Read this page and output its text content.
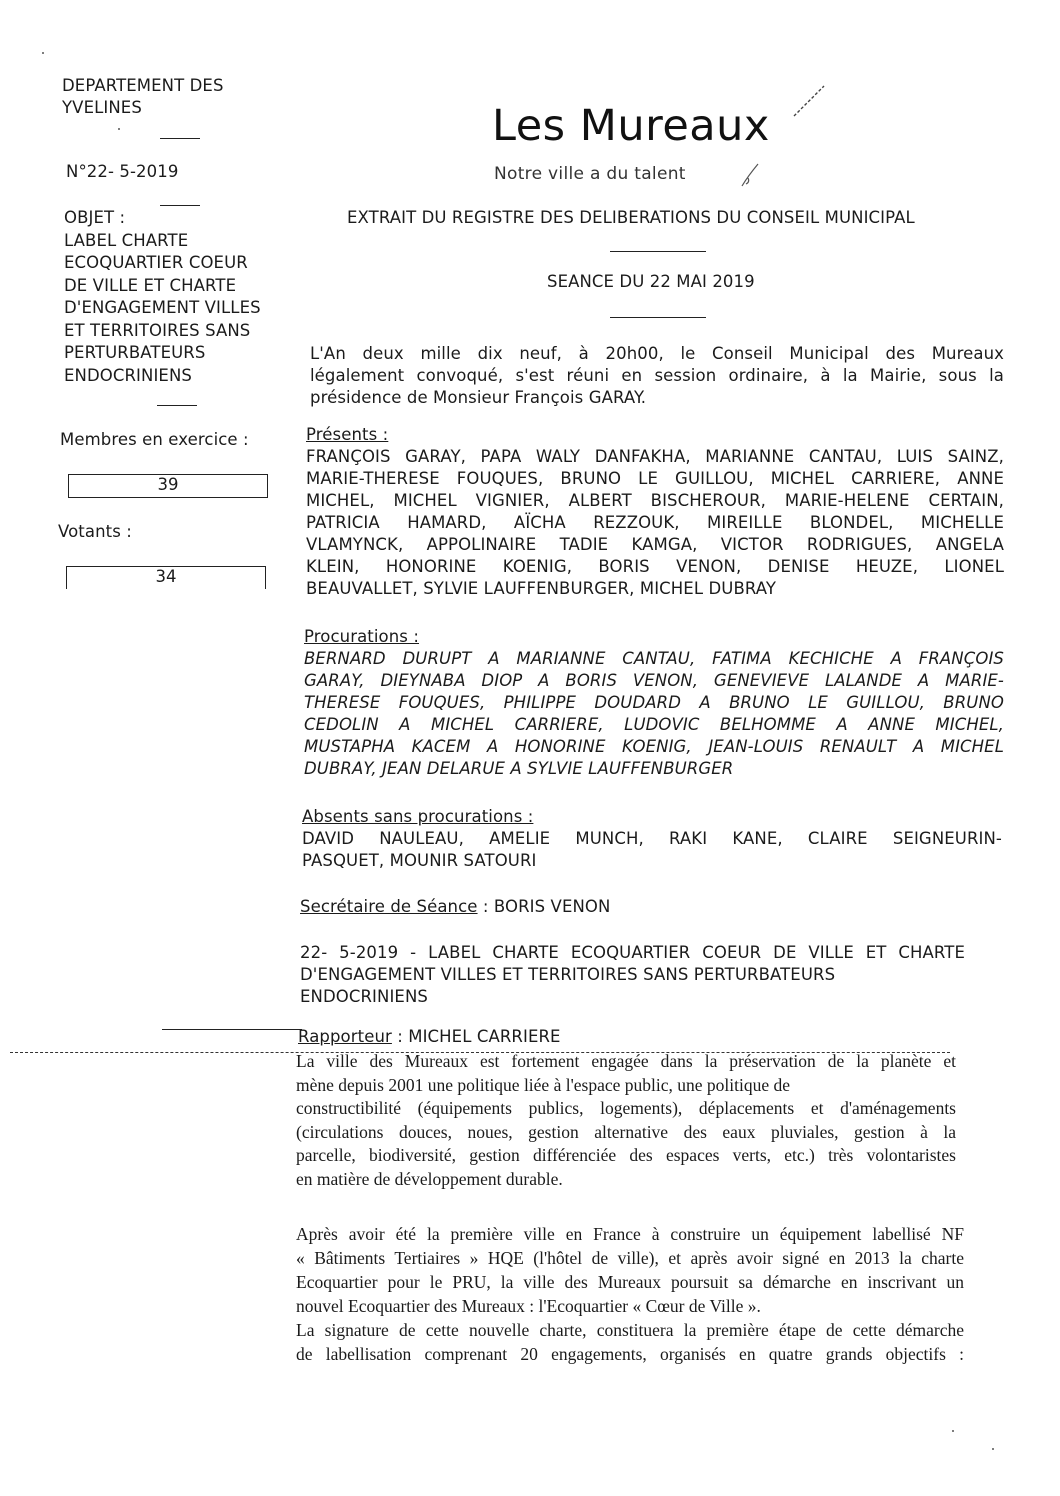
DEPARTEMENT DES
YVELINES
N°22- 5-2019
OBJET :
LABEL CHARTE
ECOQUARTIER COEUR
DE VILLE ET CHARTE
D'ENGAGEMENT VILLES
ET TERRITOIRES SANS
PERTURBATEURS
ENDOCRINIENS
Membres en exercice :
39
Votants :
34
Les Mureaux
Notre ville a du talent
EXTRAIT DU REGISTRE DES DELIBERATIONS DU CONSEIL MUNICIPAL
SEANCE DU 22 MAI 2019
L'An deux mille dix neuf, à 20h00, le Conseil Municipal des Mureaux
légalement convoqué, s'est réuni en session ordinaire, à la Mairie, sous la
présidence de Monsieur François GARAY.
Présents :
FRANÇOIS GARAY, PAPA WALY DANFAKHA, MARIANNE CANTAU, LUIS SAINZ,
MARIE-THERESE FOUQUES, BRUNO LE GUILLOU, MICHEL CARRIERE, ANNE
MICHEL, MICHEL VIGNIER, ALBERT BISCHEROUR, MARIE-HELENE CERTAIN,
PATRICIA HAMARD, AÏCHA REZZOUK, MIREILLE BLONDEL, MICHELLE
VLAMYNCK, APPOLINAIRE TADIE KAMGA, VICTOR RODRIGUES, ANGELA
KLEIN, HONORINE KOENIG, BORIS VENON, DENISE HEUZE, LIONEL
BEAUVALLET, SYLVIE LAUFFENBURGER, MICHEL DUBRAY
Procurations :
BERNARD DURUPT A MARIANNE CANTAU, FATIMA KECHICHE A FRANÇOIS
GARAY, DIEYNABA DIOP A BORIS VENON, GENEVIEVE LALANDE A MARIE-
THERESE FOUQUES, PHILIPPE DOUDARD A BRUNO LE GUILLOU, BRUNO
CEDOLIN A MICHEL CARRIERE, LUDOVIC BELHOMME A ANNE MICHEL,
MUSTAPHA KACEM A HONORINE KOENIG, JEAN-LOUIS RENAULT A MICHEL
DUBRAY, JEAN DELARUE A SYLVIE LAUFFENBURGER
Absents sans procurations :
DAVID NAULEAU, AMELIE MUNCH, RAKI KANE, CLAIRE SEIGNEURIN-
PASQUET, MOUNIR SATOURI
Secrétaire de Séance : BORIS VENON
22- 5-2019 - LABEL CHARTE ECOQUARTIER COEUR DE VILLE ET CHARTE
D'ENGAGEMENT VILLES ET TERRITOIRES SANS PERTURBATEURS
ENDOCRINIENS
Rapporteur : MICHEL CARRIERE
La ville des Mureaux est fortement engagée dans la préservation de la planète et
mène depuis 2001 une politique liée à l'espace public, une politique de
constructibilité (équipements publics, logements), déplacements et d'aménagements
(circulations douces, noues, gestion alternative des eaux pluviales, gestion à la
parcelle, biodiversité, gestion différenciée des espaces verts, etc.) très volontaristes
en matière de développement durable.
Après avoir été la première ville en France à construire un équipement labellisé NF
« Bâtiments Tertiaires » HQE (l'hôtel de ville), et après avoir signé en 2013 la charte
Ecoquartier pour le PRU, la ville des Mureaux poursuit sa démarche en inscrivant un
nouvel Ecoquartier des Mureaux : l'Ecoquartier « Cœur de Ville ».
La signature de cette nouvelle charte, constituera la première étape de cette démarche
de labellisation comprenant 20 engagements, organisés en quatre grands objectifs :
